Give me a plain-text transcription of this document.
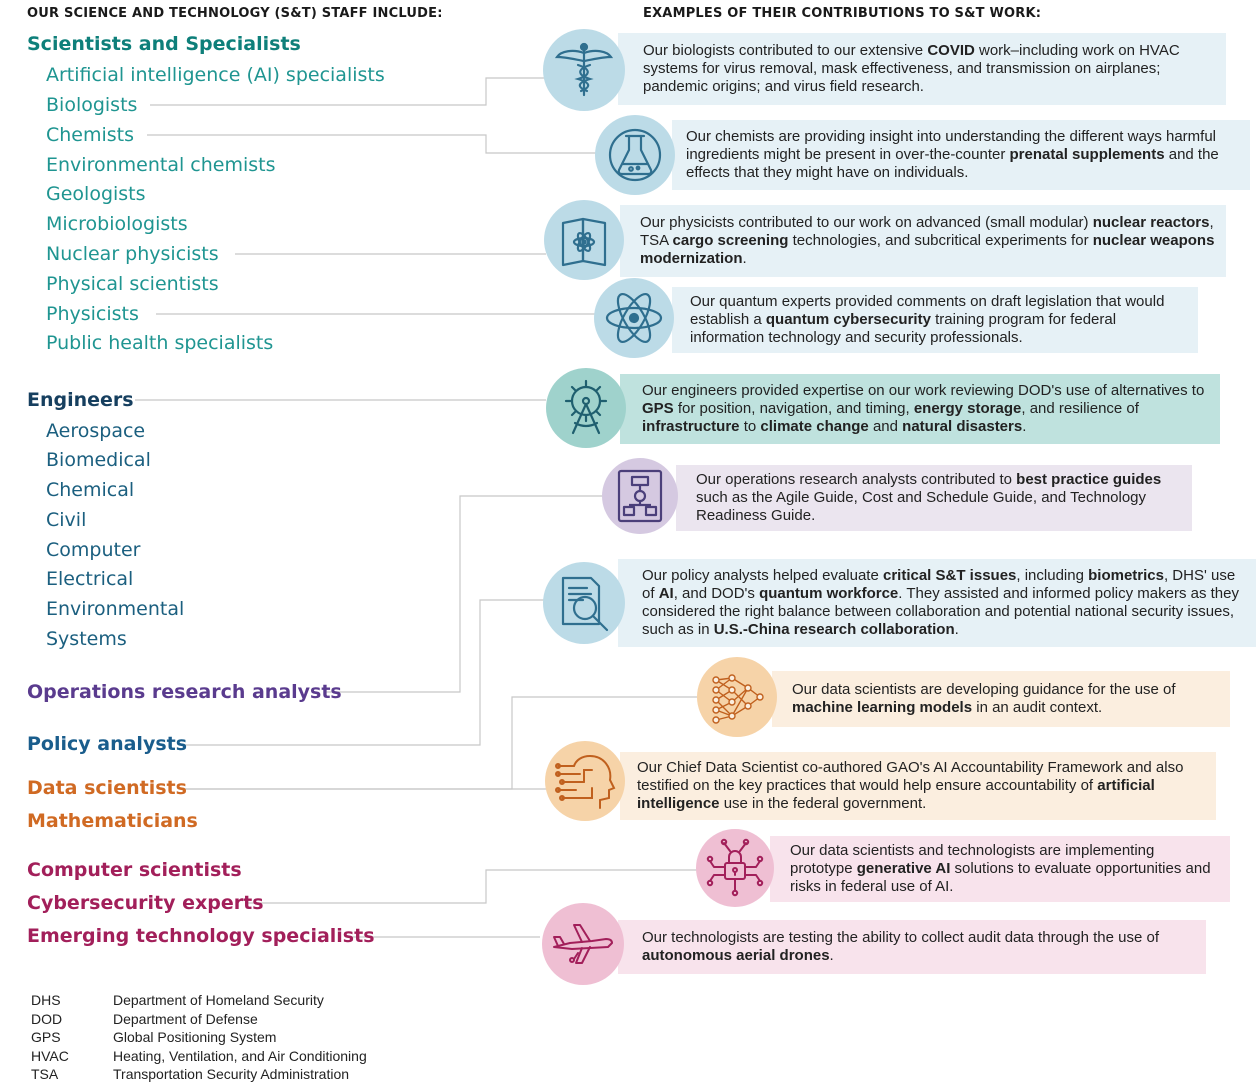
OUR SCIENCE AND TECHNOLOGY (S&T) STAFF INCLUDE:	EXAMPLES OF THEIR CONTRIBUTIONS TO S&T WORK:
Scientists and Specialists
Artificial intelligence (AI) specialists
Biologists
Chemists
Environmental chemists
Geologists
Microbiologists
Nuclear physicists
Physical scientists
Physicists
Public health specialists
Engineers
Aerospace
Biomedical
Chemical
Civil
Computer
Electrical
Environmental
Systems
Operations research analysts
Policy analysts
Data scientists
Mathematicians
Computer scientists
Cybersecurity experts
Emerging technology specialists
Our biologists contributed to our extensive COVID work–including work on HVAC systems for virus removal, mask effectiveness, and transmission on airplanes; pandemic origins; and virus field research.
Our chemists are providing insight into understanding the different ways harmful ingredients might be present in over-the-counter prenatal supplements and the effects that they might have on individuals.
Our physicists contributed to our work on advanced (small modular) nuclear reactors, TSA cargo screening technologies, and subcritical experiments for nuclear weapons modernization.
Our quantum experts provided comments on draft legislation that would establish a quantum cybersecurity training program for federal information technology and security professionals.
Our engineers provided expertise on our work reviewing DOD's use of alternatives to GPS for position, navigation, and timing, energy storage, and resilience of infrastructure to climate change and natural disasters.
Our operations research analysts contributed to best practice guides such as the Agile Guide, Cost and Schedule Guide, and Technology Readiness Guide.
Our policy analysts helped evaluate critical S&T issues, including biometrics, DHS' use of AI, and DOD's quantum workforce. They assisted and informed policy makers as they considered the right balance between collaboration and potential national security issues, such as in U.S.-China research collaboration.
Our data scientists are developing guidance for the use of machine learning models in an audit context.
Our Chief Data Scientist co-authored GAO's AI Accountability Framework and also testified on the key practices that would help ensure accountability of artificial intelligence use in the federal government.
Our data scientists and technologists are implementing prototype generative AI solutions to evaluate opportunities and risks in federal use of AI.
Our technologists are testing the ability to collect audit data through the use of autonomous aerial drones.
DHS	Department of Homeland Security
DOD	Department of Defense
GPS	Global Positioning System
HVAC	Heating, Ventilation, and Air Conditioning
TSA	Transportation Security Administration
